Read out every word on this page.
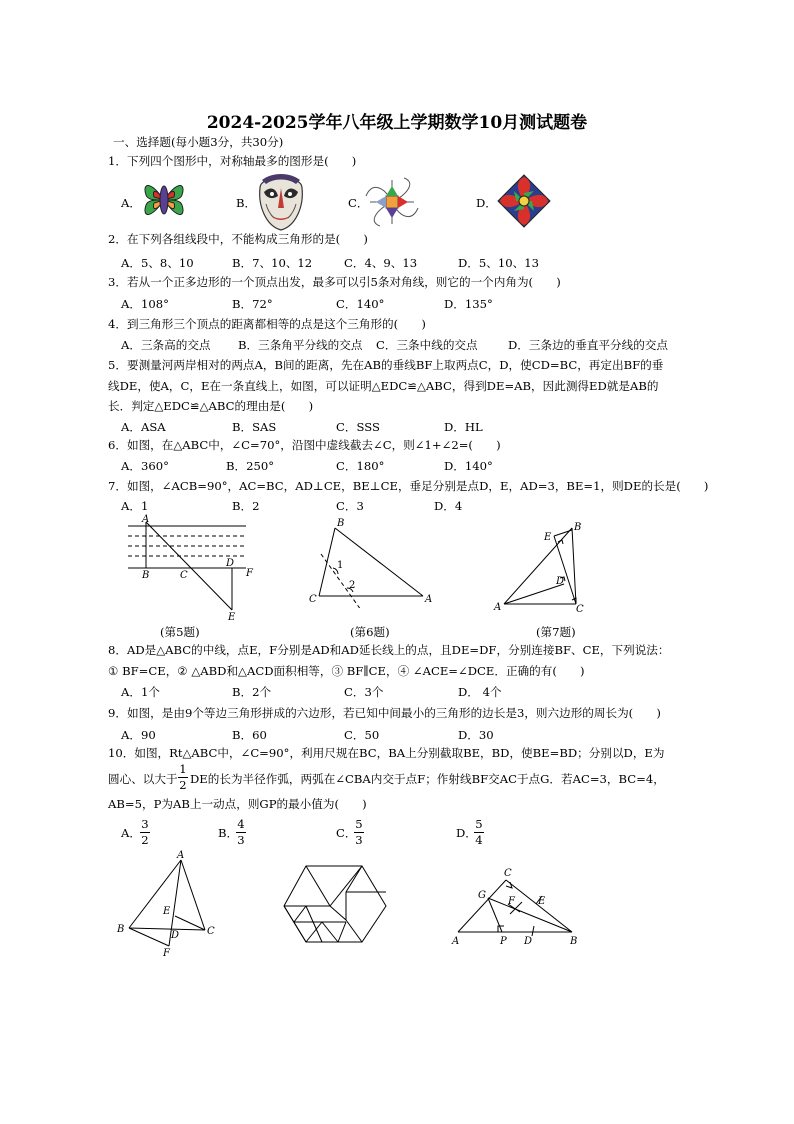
2024-2025学年八年级上学期数学10月测试题卷
一、选择题(每小题3分，共30分)
1．下列四个图形中，对称轴最多的图形是(　　)
A．	B．	C．	D．
2．在下列各组线段中，不能构成三角形的是(　　)
A．5、8、10	B．7、10、12	C．4、9、13	D．5、10、13
3．若从一个正多边形的一个顶点出发，最多可以引5条对角线，则它的一个内角为(　　)
A．108°	B．72°	C．140°	D．135°
4．到三角形三个顶点的距离都相等的点是这个三角形的(　　)
A．三条高的交点 B．三条角平分线的交点 C．三条中线的交点	D．三条边的垂直平分线的交点
5．要测量河两岸相对的两点A，B间的距离，先在AB的垂线BF上取两点C，D，使CD=BC，再定出BF的垂
线DE，使A，C，E在一条直线上，如图，可以证明△EDC≌△ABC，得到DE=AB，因此测得ED就是AB的
长．判定△EDC≌△ABC的理由是(　　)
A．ASA	B．SAS	C．SSS	D．HL
6．如图，在△ABC中，∠C=70°，沿图中虚线截去∠C，则∠1+∠2=(　　)
A．360°	B．250°	C．180°	D．140°
7．如图，∠ACB=90°，AC=BC，AD⊥CE，BE⊥CE，垂足分别是点D，E，AD=3，BE=1，则DE的长是(　　)
A．1	B．2	C．3	D．4
A
B	C
D
F
E
(第5题)
B
1
2
C	A
(第6题)
E
B
D
A	C
(第7题)
8．AD是△ABC的中线，点E，F分别是AD和AD延长线上的点，且DE=DF，分别连接BF、CE，下列说法：
① BF=CE，② △ABD和△ACD面积相等，③ BF∥CE，④ ∠ACE=∠DCE．正确的有(　　)
A．1个	B．2个	C．3个	D． 4个
9．如图，是由9个等边三角形拼成的六边形，若已知中间最小的三角形的边长是3，则六边形的周长为(　　)
A．90	B．60	C．50	D．30
10．如图，Rt△ABC中，∠C=90°，利用尺规在BC，BA上分别截取BE，BD，使BE=BD；分别以D，E为
圆心、以大于
1
2 DE的长为半径作弧，两弧在∠CBA内交于点F；作射线BF交AC于点G．若AC=3，BC=4，
AB=5，P为AB上一动点，则GP的最小值为(　　)
A．
3
2	B．
4
3	C．
5
3	D．
5
4
A
E
B
D	C
F
C
G
F E
A	P D	B
